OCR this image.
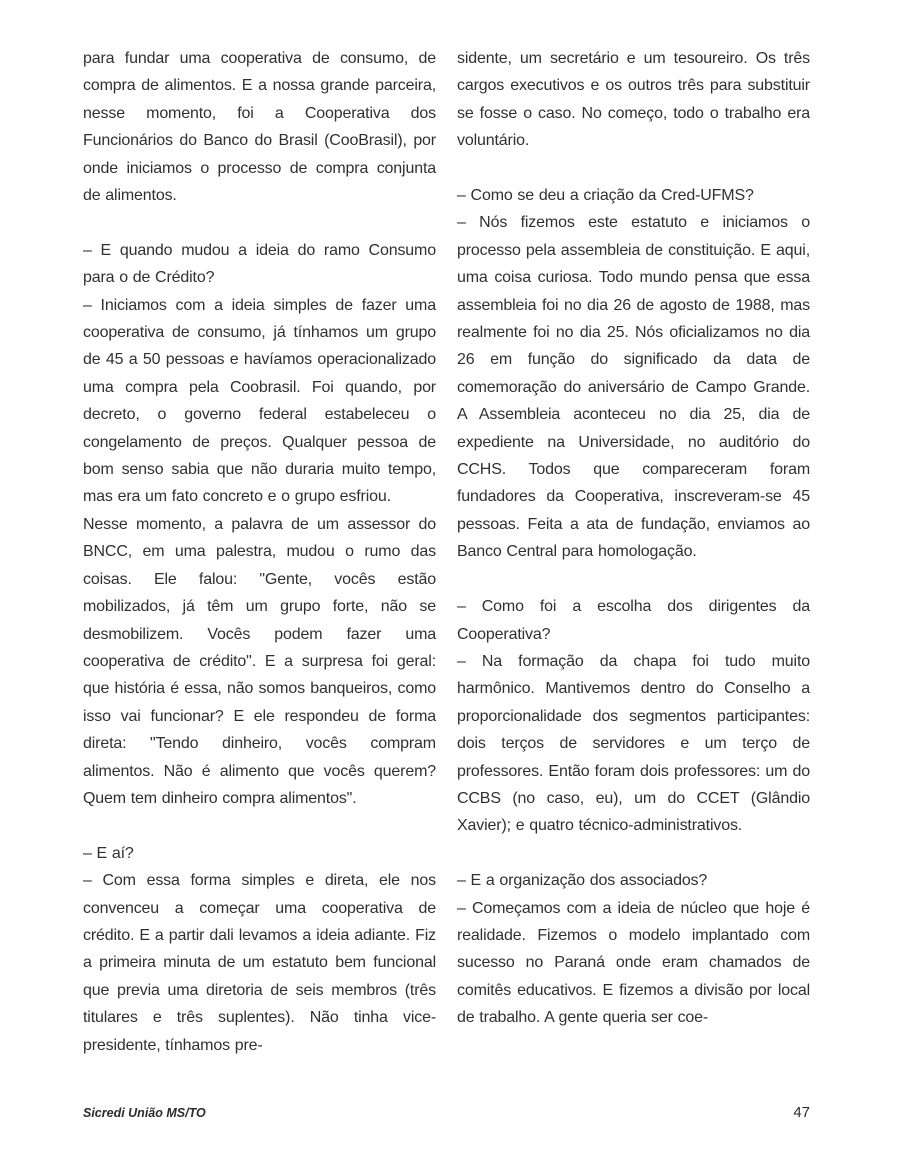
para fundar uma cooperativa de consumo, de compra de alimentos. E a nossa grande parceira, nesse momento, foi a Cooperativa dos Funcionários do Banco do Brasil (CooBrasil), por onde iniciamos o processo de compra conjunta de alimentos.

– E quando mudou a ideia do ramo Consumo para o de Crédito?

– Iniciamos com a ideia simples de fazer uma cooperativa de consumo, já tínhamos um grupo de 45 a 50 pessoas e havíamos operacionalizado uma compra pela Coobrasil. Foi quando, por decreto, o governo federal estabeleceu o congelamento de preços. Qualquer pessoa de bom senso sabia que não duraria muito tempo, mas era um fato concreto e o grupo esfriou.

Nesse momento, a palavra de um assessor do BNCC, em uma palestra, mudou o rumo das coisas. Ele falou: "Gente, vocês estão mobilizados, já têm um grupo forte, não se desmobilizem. Vocês podem fazer uma cooperativa de crédito". E a surpresa foi geral: que história é essa, não somos banqueiros, como isso vai funcionar? E ele respondeu de forma direta: "Tendo dinheiro, vocês compram alimentos. Não é alimento que vocês querem? Quem tem dinheiro compra alimentos".

– E aí?

– Com essa forma simples e direta, ele nos convenceu a começar uma cooperativa de crédito. E a partir dali levamos a ideia adiante. Fiz a primeira minuta de um estatuto bem funcional que previa uma diretoria de seis membros (três titulares e três suplentes). Não tinha vice-presidente, tínhamos pre-

sidente, um secretário e um tesoureiro. Os três cargos executivos e os outros três para substituir se fosse o caso. No começo, todo o trabalho era voluntário.

– Como se deu a criação da Cred-UFMS?

– Nós fizemos este estatuto e iniciamos o processo pela assembleia de constituição. E aqui, uma coisa curiosa. Todo mundo pensa que essa assembleia foi no dia 26 de agosto de 1988, mas realmente foi no dia 25. Nós oficializamos no dia 26 em função do significado da data de comemoração do aniversário de Campo Grande. A Assembleia aconteceu no dia 25, dia de expediente na Universidade, no auditório do CCHS. Todos que compareceram foram fundadores da Cooperativa, inscreveram-se 45 pessoas. Feita a ata de fundação, enviamos ao Banco Central para homologação.

– Como foi a escolha dos dirigentes da Cooperativa?

– Na formação da chapa foi tudo muito harmônico. Mantivemos dentro do Conselho a proporcionalidade dos segmentos participantes: dois terços de servidores e um terço de professores. Então foram dois professores: um do CCBS (no caso, eu), um do CCET (Glândio Xavier); e quatro técnico-administrativos.

– E a organização dos associados?

– Começamos com a ideia de núcleo que hoje é realidade. Fizemos o modelo implantado com sucesso no Paraná onde eram chamados de comitês educativos. E fizemos a divisão por local de trabalho. A gente queria ser coe-

Sicredi União MS/TO	47
